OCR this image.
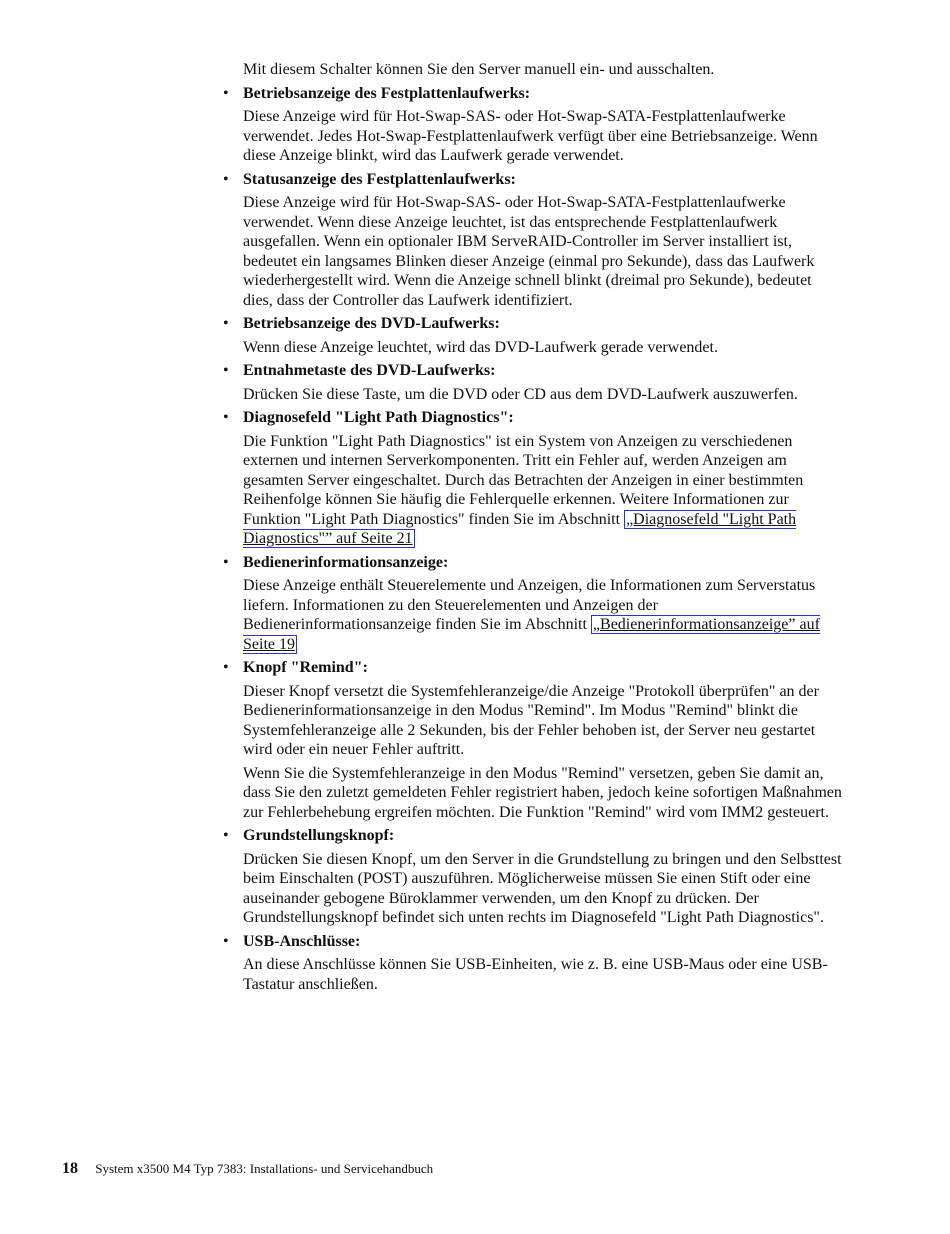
Mit diesem Schalter können Sie den Server manuell ein- und ausschalten.

• Betriebsanzeige des Festplattenlaufwerks:

Diese Anzeige wird für Hot-Swap-SAS- oder Hot-Swap-SATA-Festplattenlaufwerke verwendet. Jedes Hot-Swap-Festplattenlaufwerk verfügt über eine Betriebsanzeige. Wenn diese Anzeige blinkt, wird das Laufwerk gerade verwendet.

• Statusanzeige des Festplattenlaufwerks:

Diese Anzeige wird für Hot-Swap-SAS- oder Hot-Swap-SATA-Festplattenlaufwerke verwendet. Wenn diese Anzeige leuchtet, ist das entsprechende Festplattenlaufwerk ausgefallen. Wenn ein optionaler IBM ServeRAID-Controller im Server installiert ist, bedeutet ein langsames Blinken dieser Anzeige (einmal pro Sekunde), dass das Laufwerk wiederhergestellt wird. Wenn die Anzeige schnell blinkt (dreimal pro Sekunde), bedeutet dies, dass der Controller das Laufwerk identifiziert.

• Betriebsanzeige des DVD-Laufwerks:

Wenn diese Anzeige leuchtet, wird das DVD-Laufwerk gerade verwendet.

• Entnahmetaste des DVD-Laufwerks:

Drücken Sie diese Taste, um die DVD oder CD aus dem DVD-Laufwerk auszuwerfen.

• Diagnosefeld "Light Path Diagnostics":

Die Funktion "Light Path Diagnostics" ist ein System von Anzeigen zu verschiedenen externen und internen Serverkomponenten. Tritt ein Fehler auf, werden Anzeigen am gesamten Server eingeschaltet. Durch das Betrachten der Anzeigen in einer bestimmten Reihenfolge können Sie häufig die Fehlerquelle erkennen. Weitere Informationen zur Funktion "Light Path Diagnostics" finden Sie im Abschnitt „Diagnosefeld "Light Path Diagnostics"” auf Seite 21

• Bedienerinformationsanzeige:

Diese Anzeige enthält Steuerelemente und Anzeigen, die Informationen zum Serverstatus liefern. Informationen zu den Steuerelementen und Anzeigen der Bedienerinformationsanzeige finden Sie im Abschnitt „Bedienerinformationsanzeige” auf Seite 19

• Knopf "Remind":

Dieser Knopf versetzt die Systemfehleranzeige/die Anzeige "Protokoll überprüfen" an der Bedienerinformationsanzeige in den Modus "Remind". Im Modus "Remind" blinkt die Systemfehleranzeige alle 2 Sekunden, bis der Fehler behoben ist, der Server neu gestartet wird oder ein neuer Fehler auftritt.

Wenn Sie die Systemfehleranzeige in den Modus "Remind" versetzen, geben Sie damit an, dass Sie den zuletzt gemeldeten Fehler registriert haben, jedoch keine sofortigen Maßnahmen zur Fehlerbehebung ergreifen möchten. Die Funktion "Remind" wird vom IMM2 gesteuert.

• Grundstellungsknopf:

Drücken Sie diesen Knopf, um den Server in die Grundstellung zu bringen und den Selbsttest beim Einschalten (POST) auszuführen. Möglicherweise müssen Sie einen Stift oder eine auseinander gebogene Büroklammer verwenden, um den Knopf zu drücken. Der Grundstellungsknopf befindet sich unten rechts im Diagnosefeld "Light Path Diagnostics".

• USB-Anschlüsse:

An diese Anschlüsse können Sie USB-Einheiten, wie z. B. eine USB-Maus oder eine USB-Tastatur anschließen.

18 System x3500 M4 Typ 7383: Installations- und Servicehandbuch
